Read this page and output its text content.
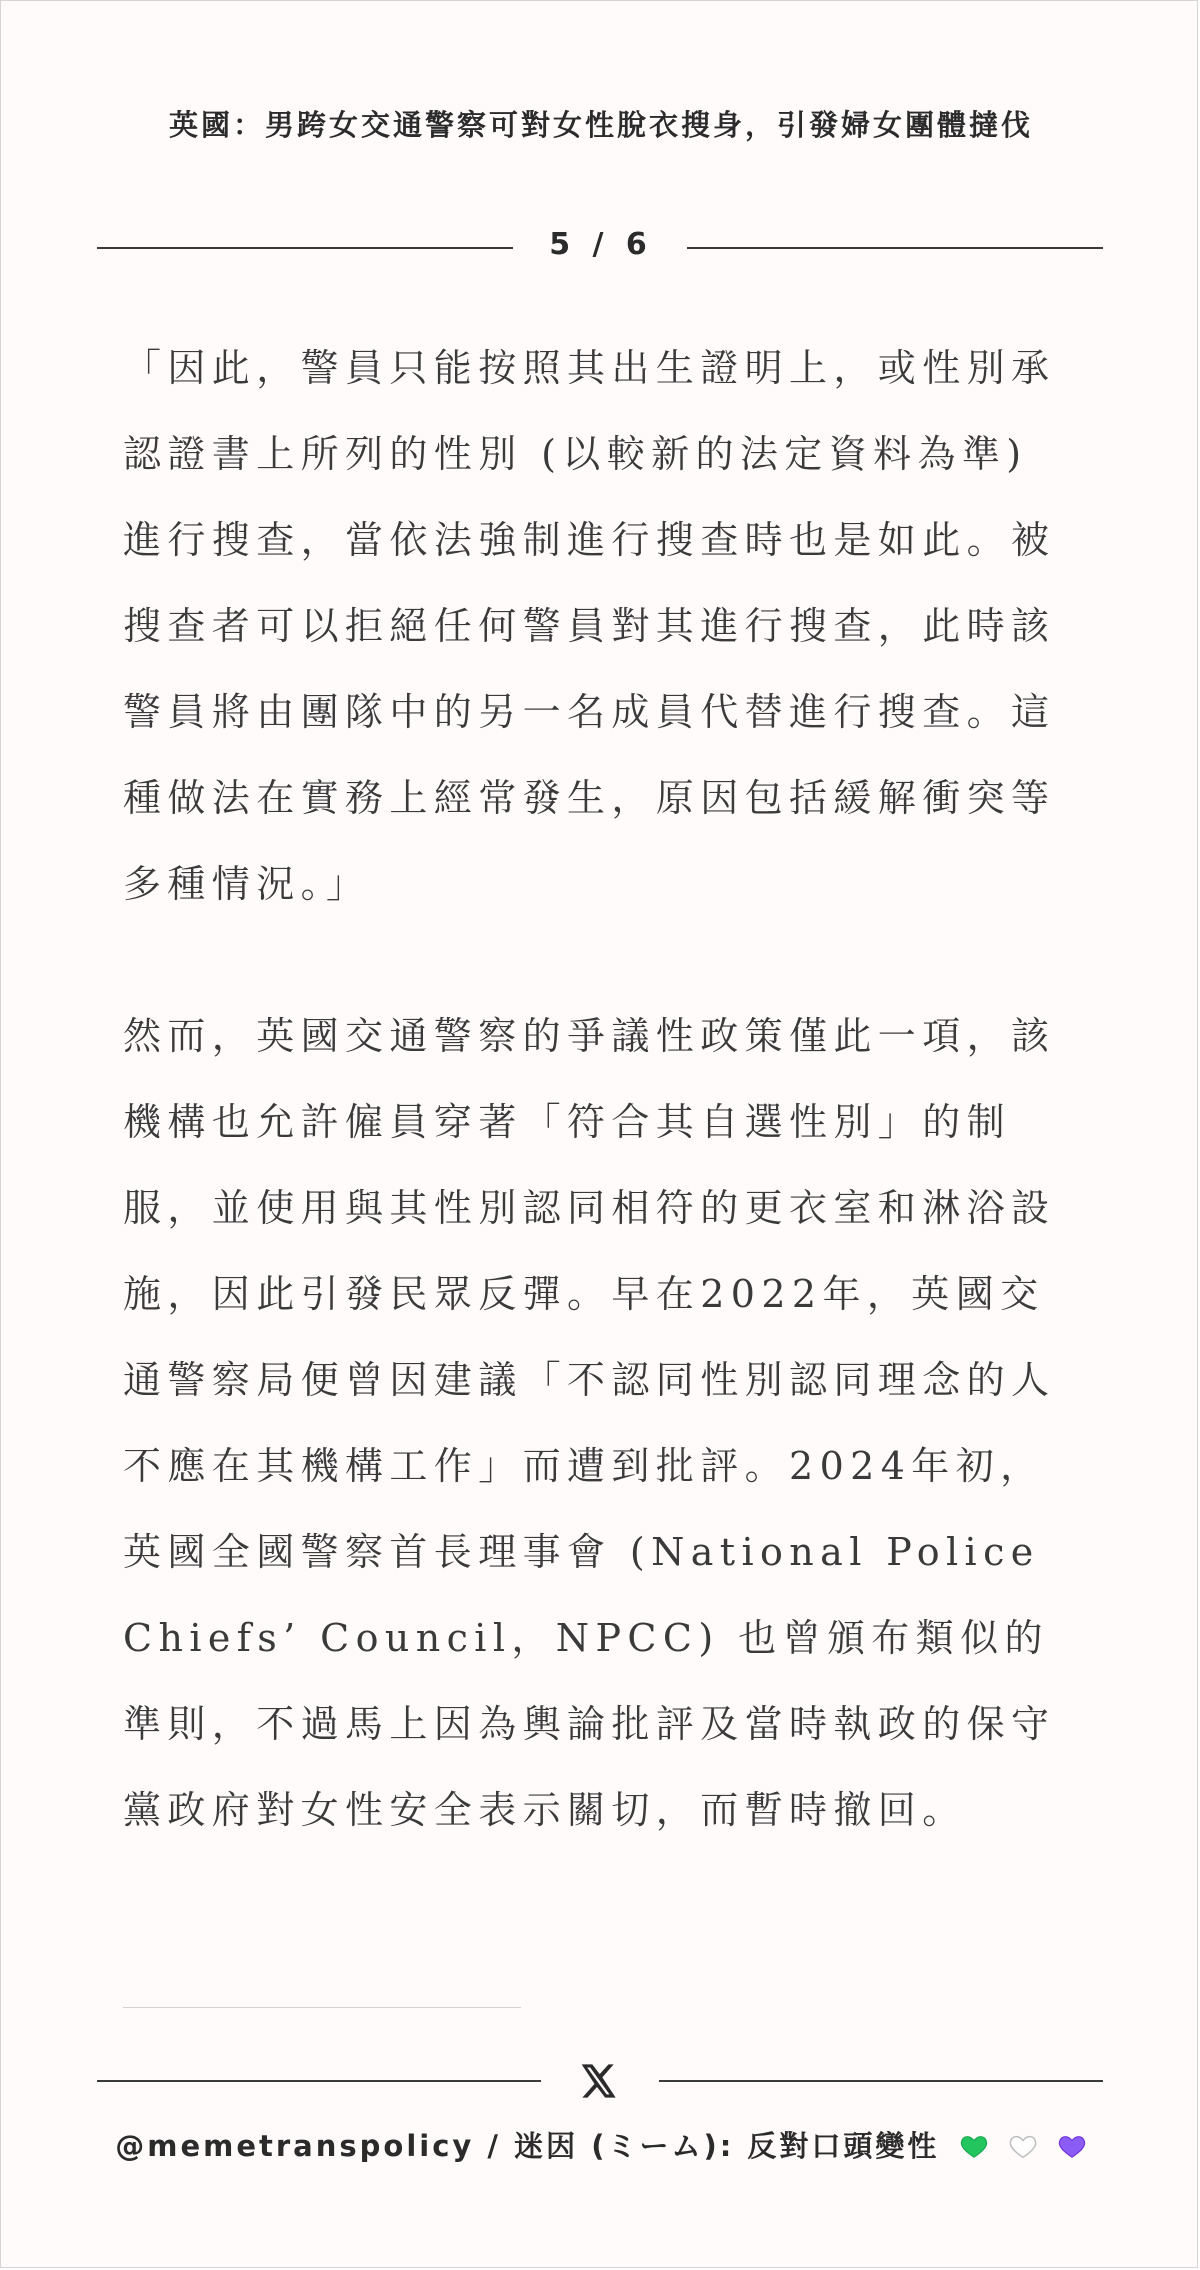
英國：男跨女交通警察可對女性脫衣搜身，引發婦女團體撻伐
5 / 6

「因此，警員只能按照其出生證明上，或性別承認證書上所列的性別 (以較新的法定資料為準) 進行搜查，當依法強制進行搜查時也是如此。被搜查者可以拒絕任何警員對其進行搜查，此時該警員將由團隊中的另一名成員代替進行搜查。這種做法在實務上經常發生，原因包括緩解衝突等多種情況。」

然而，英國交通警察的爭議性政策僅此一項，該機構也允許僱員穿著「符合其自選性別」的制服，並使用與其性別認同相符的更衣室和淋浴設施，因此引發民眾反彈。早在2022年，英國交通警察局便曾因建議「不認同性別認同理念的人不應在其機構工作」而遭到批評。2024年初，英國全國警察首長理事會 (National Police Chiefs’ Council，NPCC) 也曾頒布類似的準則，不過馬上因為輿論批評及當時執政的保守黨政府對女性安全表示關切，而暫時撤回。

@memetranspolicy / 迷因 (ミーム): 反對口頭變性
